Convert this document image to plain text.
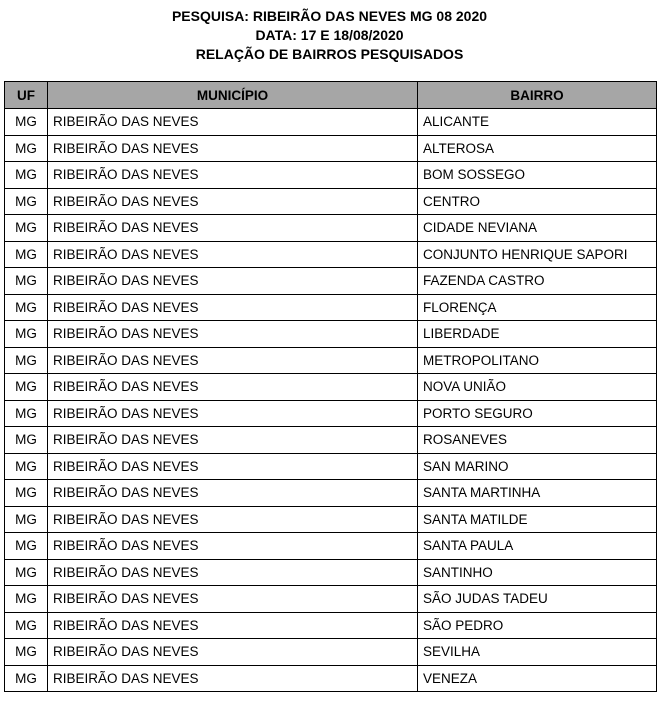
PESQUISA: RIBEIRÃO DAS NEVES MG 08 2020
DATA: 17 E 18/08/2020
RELAÇÃO DE BAIRROS PESQUISADOS
UF	MUNICÍPIO	BAIRRO
MG	RIBEIRÃO DAS NEVES	ALICANTE
MG	RIBEIRÃO DAS NEVES	ALTEROSA
MG	RIBEIRÃO DAS NEVES	BOM SOSSEGO
MG	RIBEIRÃO DAS NEVES	CENTRO
MG	RIBEIRÃO DAS NEVES	CIDADE NEVIANA
MG	RIBEIRÃO DAS NEVES	CONJUNTO HENRIQUE SAPORI
MG	RIBEIRÃO DAS NEVES	FAZENDA CASTRO
MG	RIBEIRÃO DAS NEVES	FLORENÇA
MG	RIBEIRÃO DAS NEVES	LIBERDADE
MG	RIBEIRÃO DAS NEVES	METROPOLITANO
MG	RIBEIRÃO DAS NEVES	NOVA UNIÃO
MG	RIBEIRÃO DAS NEVES	PORTO SEGURO
MG	RIBEIRÃO DAS NEVES	ROSANEVES
MG	RIBEIRÃO DAS NEVES	SAN MARINO
MG	RIBEIRÃO DAS NEVES	SANTA MARTINHA
MG	RIBEIRÃO DAS NEVES	SANTA MATILDE
MG	RIBEIRÃO DAS NEVES	SANTA PAULA
MG	RIBEIRÃO DAS NEVES	SANTINHO
MG	RIBEIRÃO DAS NEVES	SÃO JUDAS TADEU
MG	RIBEIRÃO DAS NEVES	SÃO PEDRO
MG	RIBEIRÃO DAS NEVES	SEVILHA
MG	RIBEIRÃO DAS NEVES	VENEZA
